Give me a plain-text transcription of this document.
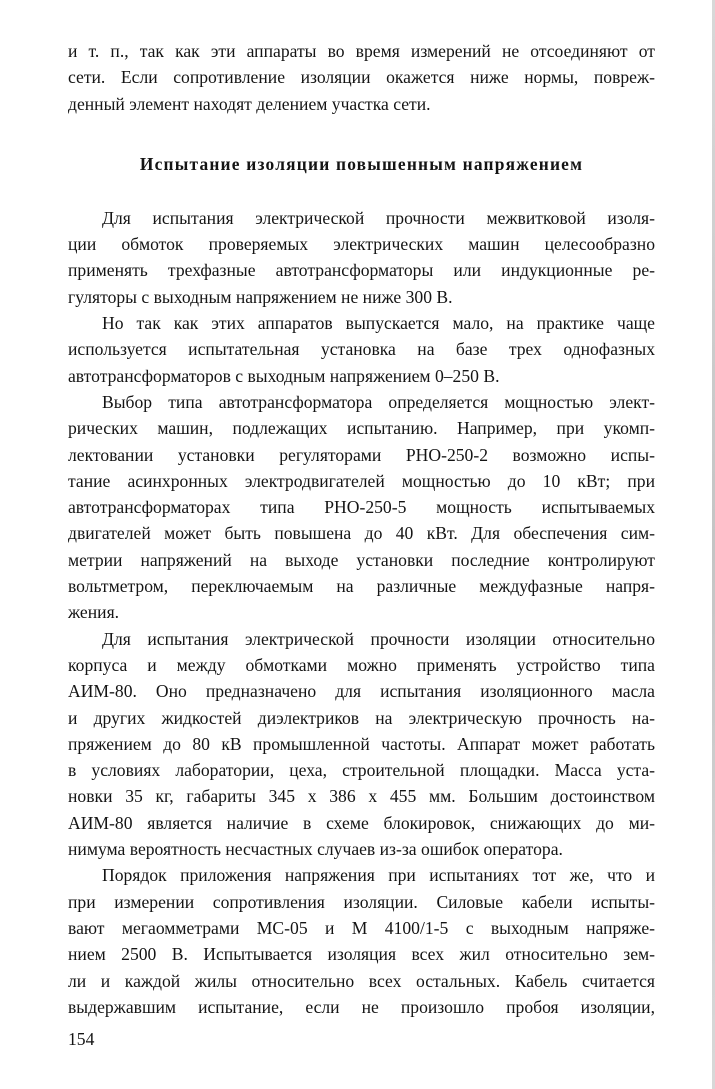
и т. п., так как эти аппараты во время измерений не отсоединяют от
сети. Если сопротивление изоляции окажется ниже нормы, повреж-
денный элемент находят делением участка сети.
Испытание изоляции повышенным напряжением
Для испытания электрической прочности межвитковой изоля-
ции обмоток проверяемых электрических машин целесообразно
применять трехфазные автотрансформаторы или индукционные ре-
гуляторы с выходным напряжением не ниже 300 В.
Но так как этих аппаратов выпускается мало, на практике чаще
используется испытательная установка на базе трех однофазных
автотрансформаторов с выходным напряжением 0–250 В.
Выбор типа автотрансформатора определяется мощностью элект-
рических машин, подлежащих испытанию. Например, при укомп-
лектовании установки регуляторами РНО-250-2 возможно испы-
тание асинхронных электродвигателей мощностью до 10 кВт; при
автотрансформаторах типа РНО-250-5 мощность испытываемых
двигателей может быть повышена до 40 кВт. Для обеспечения сим-
метрии напряжений на выходе установки последние контролируют
вольтметром, переключаемым на различные междуфазные напря-
жения.
Для испытания электрической прочности изоляции относительно
корпуса и между обмотками можно применять устройство типа
АИМ-80. Оно предназначено для испытания изоляционного масла
и других жидкостей диэлектриков на электрическую прочность на-
пряжением до 80 кВ промышленной частоты. Аппарат может работать
в условиях лаборатории, цеха, строительной площадки. Масса уста-
новки 35 кг, габариты 345 х 386 х 455 мм. Большим достоинством
АИМ-80 является наличие в схеме блокировок, снижающих до ми-
нимума вероятность несчастных случаев из-за ошибок оператора.
Порядок приложения напряжения при испытаниях тот же, что и
при измерении сопротивления изоляции. Силовые кабели испыты-
вают мегаомметрами МС-05 и М 4100/1-5 с выходным напряже-
нием 2500 В. Испытывается изоляция всех жил относительно зем-
ли и каждой жилы относительно всех остальных. Кабель считается
выдержавшим испытание, если не произошло пробоя изоляции,
154
